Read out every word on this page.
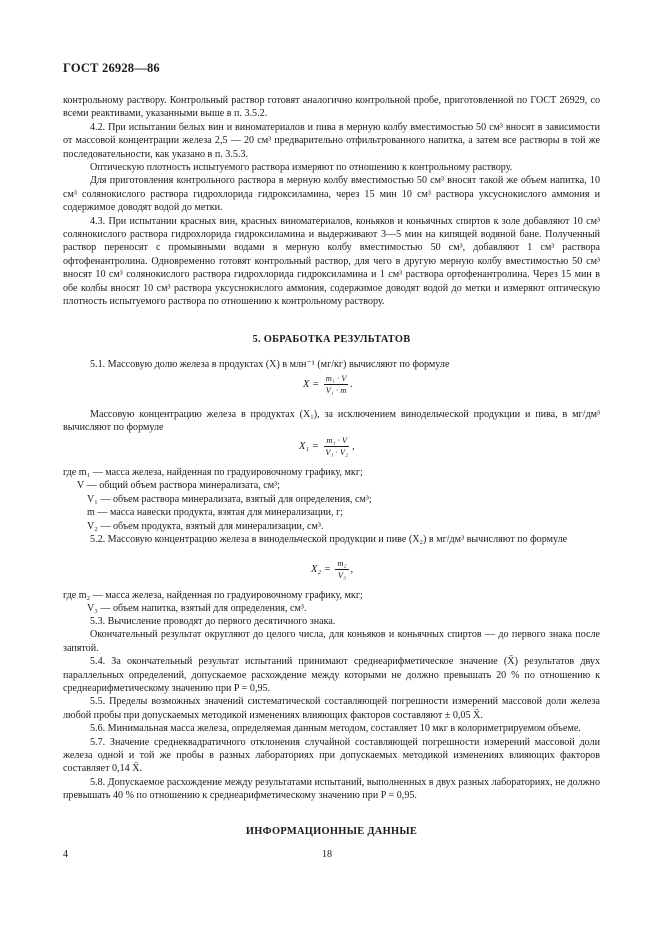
ГОСТ 26928—86

контрольному раствору. Контрольный раствор готовят аналогично контрольной пробе, приготовленной по ГОСТ 26929, со всеми реактивами, указанными выше в п. 3.5.2.

4.2. При испытании белых вин и виноматериалов и пива в мерную колбу вместимостью 50 см³ вносят в зависимости от массовой концентрации железа 2,5 — 20 см³ предварительно отфильтрованного напитка, а затем все растворы в той же последовательности, как указано в п. 3.5.3.

Оптическую плотность испытуемого раствора измеряют по отношению к контрольному раствору.

Для приготовления контрольного раствора в мерную колбу вместимостью 50 см³ вносят такой же объем напитка, 10 см³ солянокислого раствора гидрохлорида гидроксиламина, через 15 мин 10 см³ раствора уксуснокислого аммония и содержимое доводят водой до метки.

4.3. При испытании красных вин, красных виноматериалов, коньяков и коньячных спиртов к золе добавляют 10 см³ солянокислого раствора гидрохлорида гидроксиламина и выдерживают 3—5 мин на кипящей водяной бане. Полученный раствор переносят с промывными водами в мерную колбу вместимостью 50 см³, добавляют 1 см³ раствора офтофенантролина. Одновременно готовят контрольный раствор, для чего в другую мерную колбу вместимостью 50 см³ вносят 10 см³ солянокислого раствора гидрохлорида гидроксиламина и 1 см³ раствора ортофенантролина. Через 15 мин в обе колбы вносят 10 см³ раствора уксуснокислого аммония, содержимое доводят водой до метки и измеряют оптическую плотность испытуемого раствора по отношению к контрольному раствору.

5. ОБРАБОТКА РЕЗУЛЬТАТОВ

5.1. Массовую долю железа в продуктах (X) в млн⁻¹ (мг/кг) вычисляют по формуле

$X = \frac{\text{m₁ · V}}{\text{V₁ · m}}$ .

Массовую концентрацию железа в продуктах (X₁), за исключением винодельческой продукции и пива, в мг/дм³ вычисляют по формуле

$X_1 = \frac{\text{m₁ · V}}{\text{V₁ · V₂}}$ ,
где m₁ — масса железа, найденная по градуировочному графику, мкг;
V — общий объем раствора минерализата, см³;
V₁ — объем раствора минерализата, взятый для определения, см³;
m — масса навески продукта, взятая для минерализации, г;
V₂ — объем продукта, взятый для минерализации, см³.

5.2. Массовую концентрацию железа в винодельческой продукции и пиве (X₂) в мг/дм³ вычисляют по формуле

$X_2 = \frac{\text{m₂}}{\text{V₃}}$ ,
где m₂ — масса железа, найденная по градуировочному графику, мкг;
V₃ — объем напитка, взятый для определения, см³.

5.3. Вычисление проводят до первого десятичного знака.

Окончательный результат округляют до целого числа, для коньяков и коньячных спиртов — до первого знака после запятой.

5.4. За окончательный результат испытаний принимают среднеарифметическое значение (X̄) результатов двух параллельных определений, допускаемое расхождение между которыми не должно превышать 20 % по отношению к среднеарифметическому значению при P = 0,95.

5.5. Пределы возможных значений систематической составляющей погрешности измерений массовой доли железа любой пробы при допускаемых методикой изменениях влияющих факторов составляют ± 0,05 X̄.

5.6. Минимальная масса железа, определяемая данным методом, составляет 10 мкг в колориметрируемом объеме.

5.7. Значение среднеквадратичного отклонения случайной составляющей погрешности измерений массовой доли железа одной и той же пробы в разных лабораториях при допускаемых методикой изменениях влияющих факторов составляет 0,14 X̄.

5.8. Допускаемое расхождение между результатами испытаний, выполненных в двух разных лабораториях, не должно превышать 40 % по отношению к среднеарифметическому значению при P = 0,95.

ИНФОРМАЦИОННЫЕ ДАННЫЕ
4	18
